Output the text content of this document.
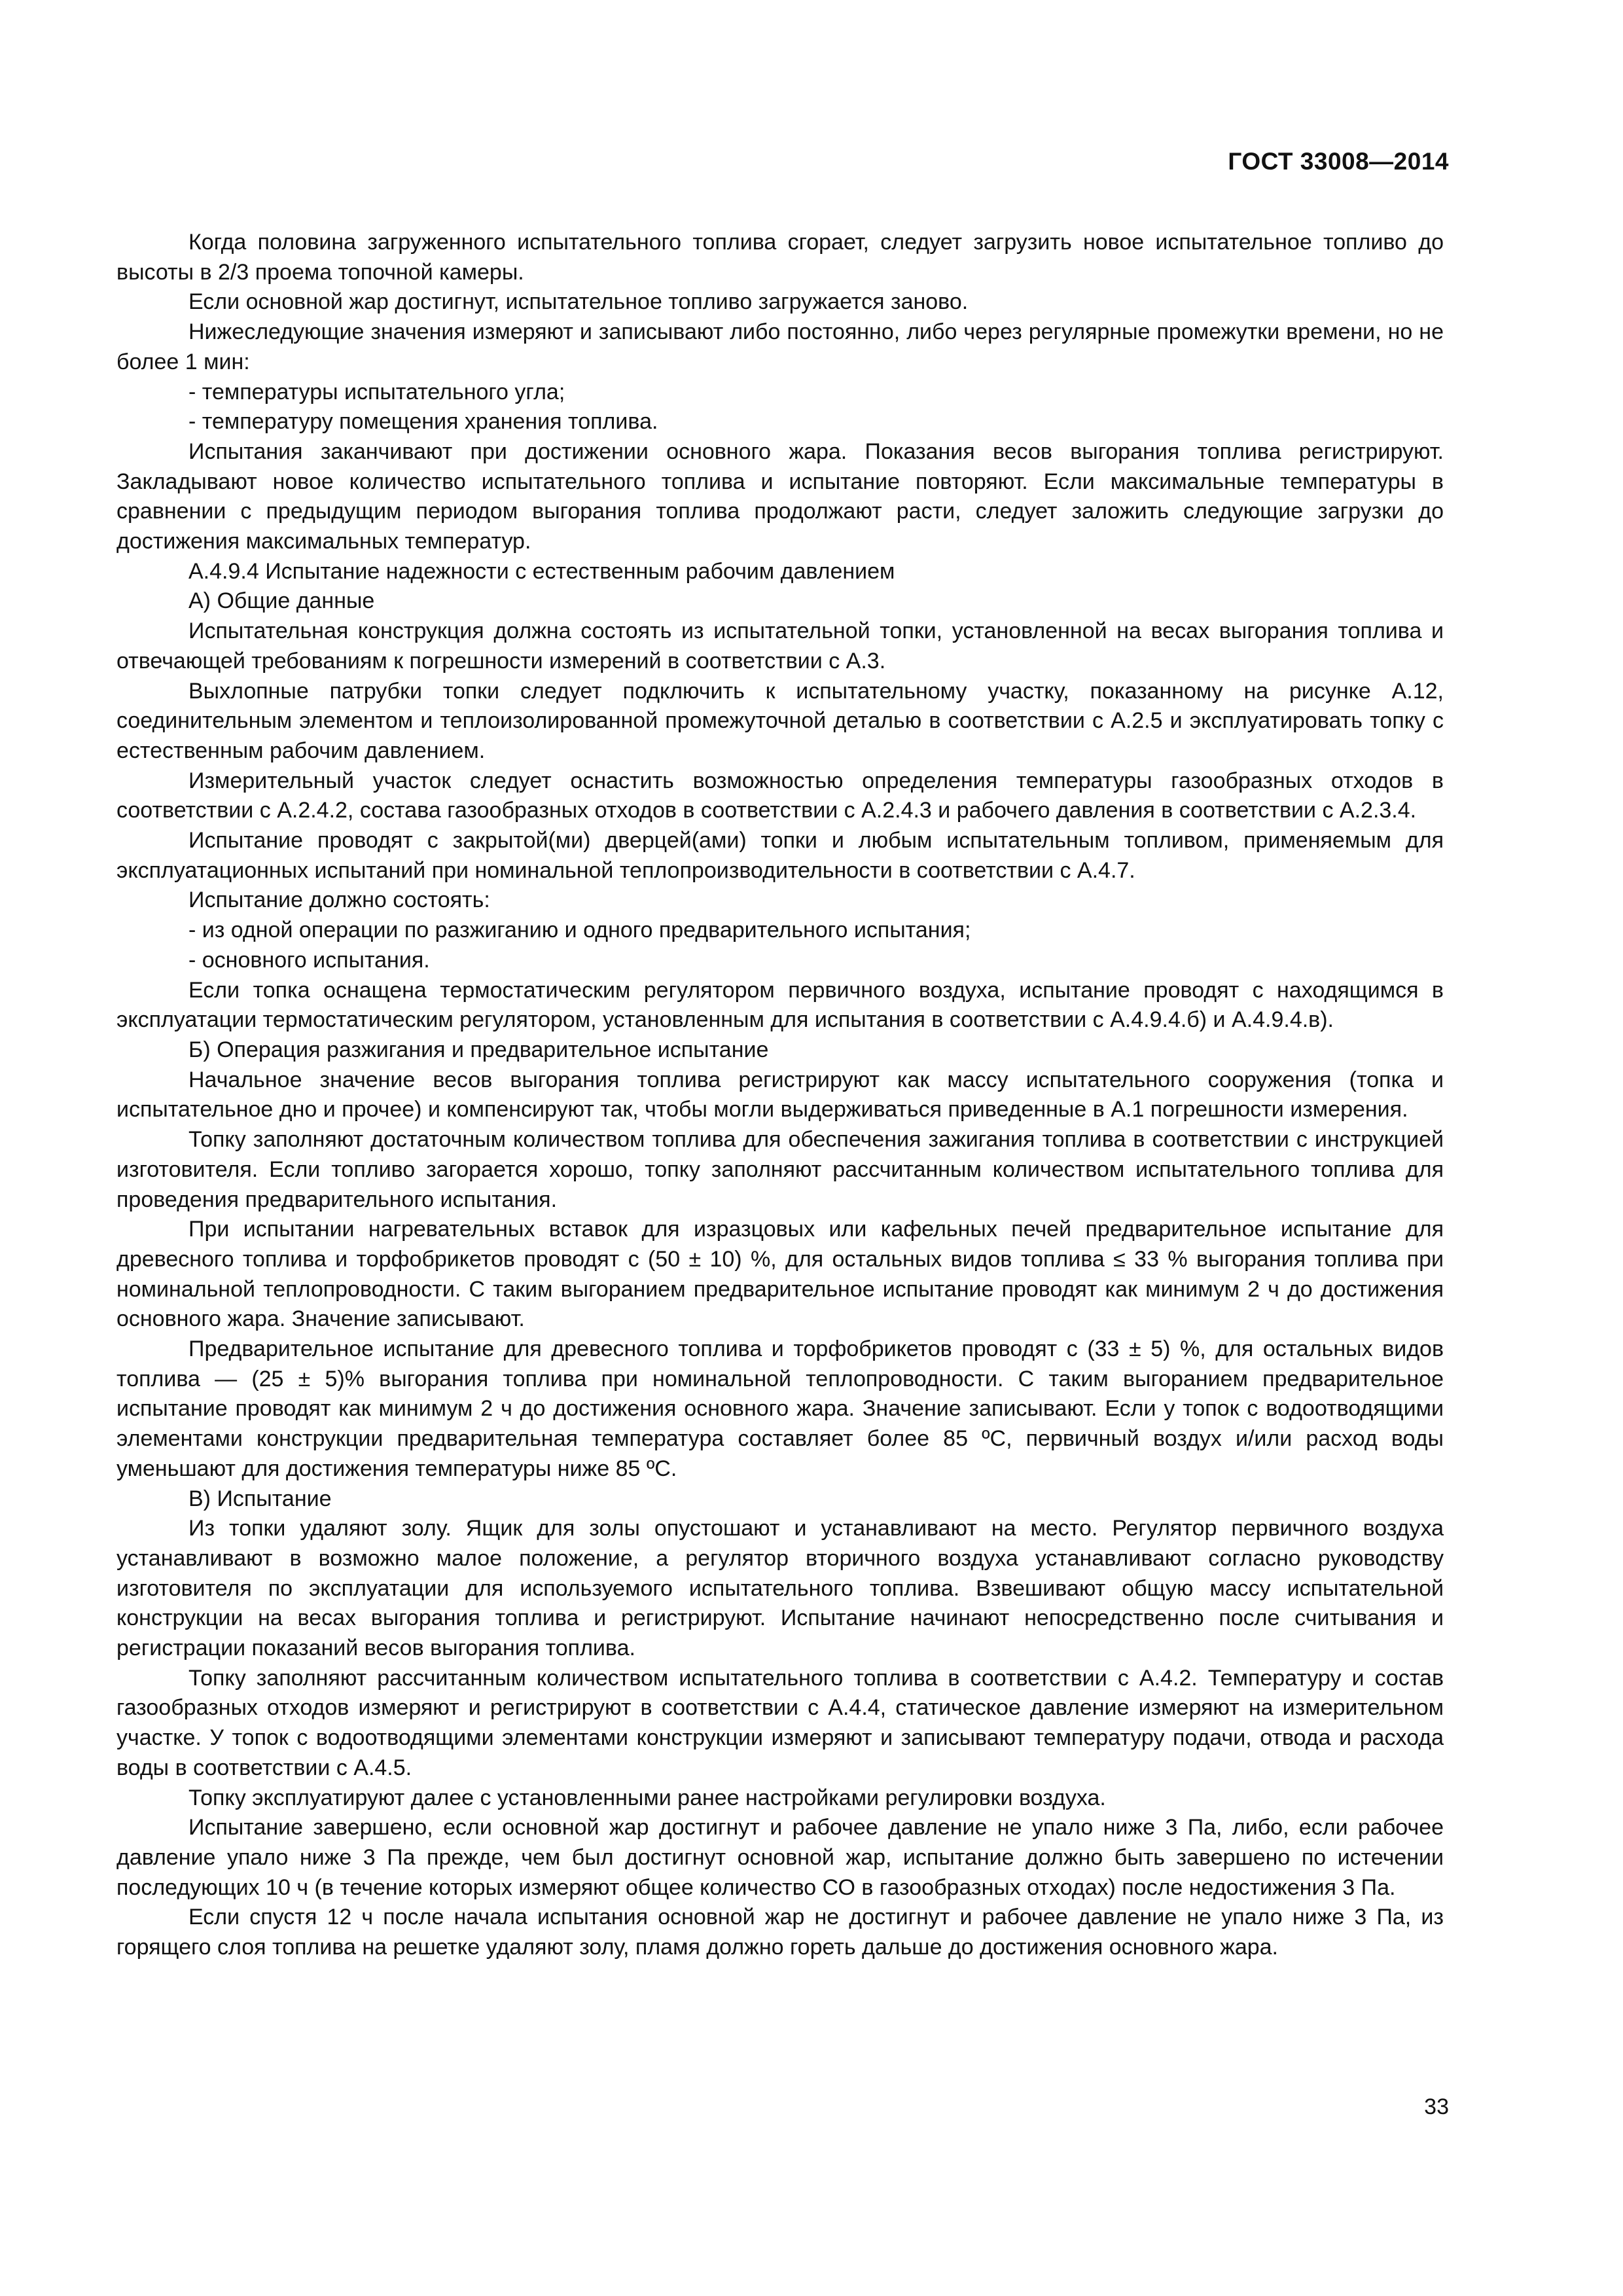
ГОСТ 33008—2014

Когда половина загруженного испытательного топлива сгорает, следует загрузить новое испытательное топливо до высоты в 2/3 проема топочной камеры.

Если основной жар достигнут, испытательное топливо загружается заново.

Нижеследующие значения измеряют и записывают либо постоянно, либо через регулярные промежутки времени, но не более 1 мин:

- температуры испытательного угла;

- температуру помещения хранения топлива.

Испытания заканчивают при достижении основного жара. Показания весов выгорания топлива регистрируют. Закладывают новое количество испытательного топлива и испытание повторяют. Если максимальные температуры в сравнении с предыдущим периодом выгорания топлива продолжают расти, следует заложить следующие загрузки до достижения максимальных температур.

А.4.9.4 Испытание надежности с естественным рабочим давлением

А) Общие данные

Испытательная конструкция должна состоять из испытательной топки, установленной на весах выгорания топлива и отвечающей требованиям к погрешности измерений в соответствии с А.3.

Выхлопные патрубки топки следует подключить к испытательному участку, показанному на рисунке А.12, соединительным элементом и теплоизолированной промежуточной деталью в соответствии с А.2.5 и эксплуатировать топку с естественным рабочим давлением.

Измерительный участок следует оснастить возможностью определения температуры газообразных отходов в соответствии с А.2.4.2, состава газообразных отходов в соответствии с А.2.4.3 и рабочего давления в соответствии с А.2.3.4.

Испытание проводят с закрытой(ми) дверцей(ами) топки и любым испытательным топливом, применяемым для эксплуатационных испытаний при номинальной теплопроизводительности в соответствии с А.4.7.

Испытание должно состоять:

- из одной операции по разжиганию и одного предварительного испытания;

- основного испытания.

Если топка оснащена термостатическим регулятором первичного воздуха, испытание проводят с находящимся в эксплуатации термостатическим регулятором, установленным для испытания в соответствии с А.4.9.4.б) и А.4.9.4.в).

Б) Операция разжигания и предварительное испытание

Начальное значение весов выгорания топлива регистрируют как массу испытательного сооружения (топка и испытательное дно и прочее) и компенсируют так, чтобы могли выдерживаться приведенные в А.1 погрешности измерения.

Топку заполняют достаточным количеством топлива для обеспечения зажигания топлива в соответствии с инструкцией изготовителя. Если топливо загорается хорошо, топку заполняют рассчитанным количеством испытательного топлива для проведения предварительного испытания.

При испытании нагревательных вставок для изразцовых или кафельных печей предварительное испытание для древесного топлива и торфобрикетов проводят с (50 ± 10) %, для остальных видов топлива ≤ 33 % выгорания топлива при номинальной теплопроводности. С таким выгоранием предварительное испытание проводят как минимум 2 ч до достижения основного жара. Значение записывают.

Предварительное испытание для древесного топлива и торфобрикетов проводят с (33 ± 5) %, для остальных видов топлива — (25 ± 5)% выгорания топлива при номинальной теплопроводности. С таким выгоранием предварительное испытание проводят как минимум 2 ч до достижения основного жара. Значение записывают. Если у топок с водоотводящими элементами конструкции предварительная температура составляет более 85 ºС, первичный воздух и/или расход воды уменьшают для достижения температуры ниже 85 ºС.

В) Испытание

Из топки удаляют золу. Ящик для золы опустошают и устанавливают на место. Регулятор первичного воздуха устанавливают в возможно малое положение, а регулятор вторичного воздуха устанавливают согласно руководству изготовителя по эксплуатации для используемого испытательного топлива. Взвешивают общую массу испытательной конструкции на весах выгорания топлива и регистрируют. Испытание начинают непосредственно после считывания и регистрации показаний весов выгорания топлива.

Топку заполняют рассчитанным количеством испытательного топлива в соответствии с А.4.2. Температуру и состав газообразных отходов измеряют и регистрируют в соответствии с А.4.4, статическое давление измеряют на измерительном участке. У топок с водоотводящими элементами конструкции измеряют и записывают температуру подачи, отвода и расхода воды в соответствии с А.4.5.

Топку эксплуатируют далее с установленными ранее настройками регулировки воздуха.

Испытание завершено, если основной жар достигнут и рабочее давление не упало ниже 3 Па, либо, если рабочее давление упало ниже 3 Па прежде, чем был достигнут основной жар, испытание должно быть завершено по истечении последующих 10 ч (в течение которых измеряют общее количество СО в газообразных отходах) после недостижения 3 Па.

Если спустя 12 ч после начала испытания основной жар не достигнут и рабочее давление не упало ниже 3 Па, из горящего слоя топлива на решетке удаляют золу, пламя должно гореть дальше до достижения основного жара.

33
